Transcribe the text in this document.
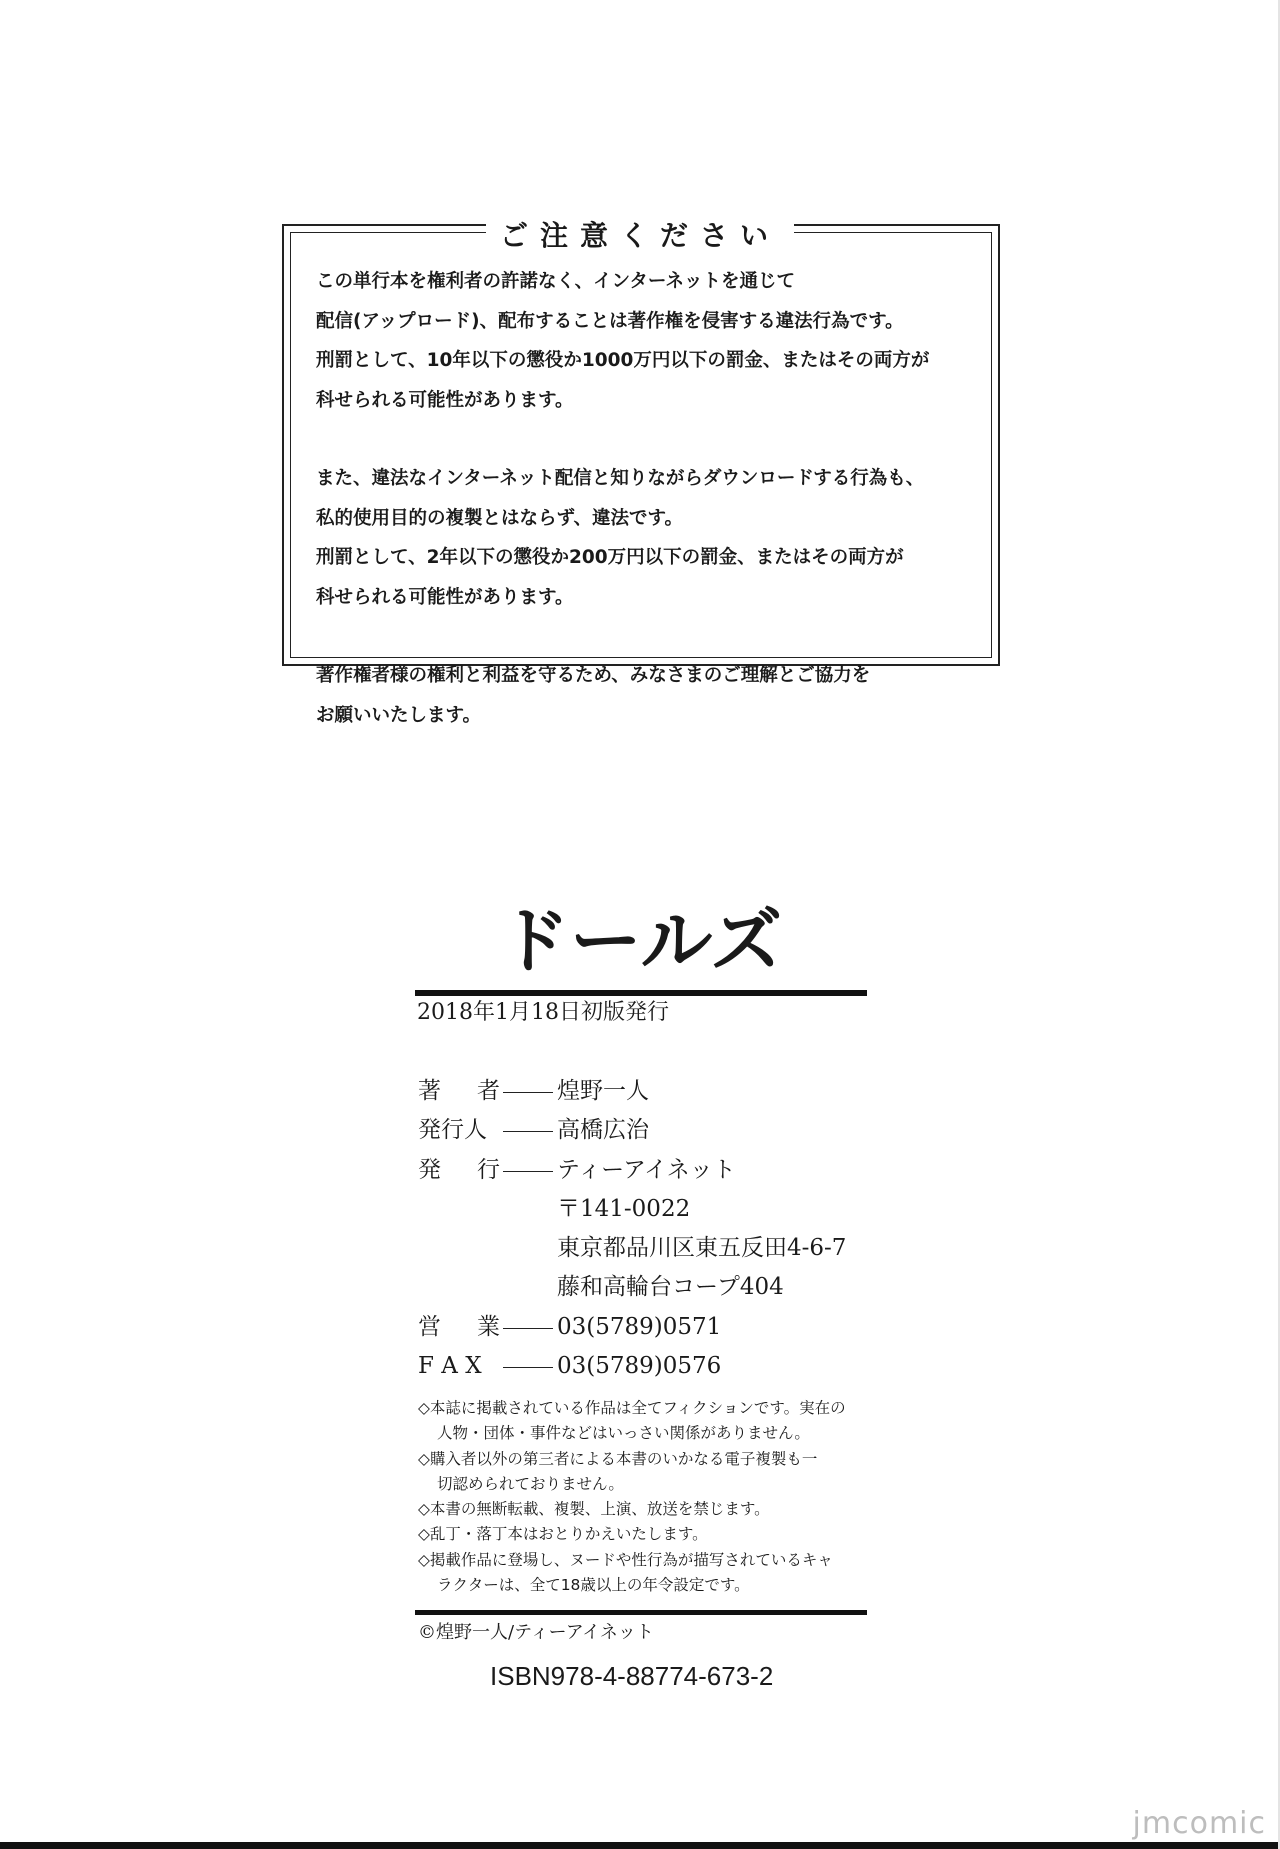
ご注意ください

この単行本を権利者の許諾なく、インターネットを通じて
配信(アップロード)、配布することは著作権を侵害する違法行為です。
刑罰として、10年以下の懲役か1000万円以下の罰金、またはその両方が
科せられる可能性があります。

また、違法なインターネット配信と知りながらダウンロードする行為も、
私的使用目的の複製とはならず、違法です。
刑罰として、2年以下の懲役か200万円以下の罰金、またはその両方が
科せられる可能性があります。

著作権者様の権利と利益を守るため、みなさまのご理解とご協力を
お願いいたします。

ドールズ
2018年1月18日初版発行
著 者 煌野一人
発行人	高橋広治
発 行 ティーアイネット
〒141-0022
東京都品川区東五反田4-6-7
藤和高輪台コープ404
営 業 03(5789)0571
F A X	03(5789)0576
◇本誌に掲載されている作品は全てフィクションです。実在の
人物・団体・事件などはいっさい関係がありません。
◇購入者以外の第三者による本書のいかなる電子複製も一
切認められておりません。
◇本書の無断転載、複製、上演、放送を禁じます。
◇乱丁・落丁本はおとりかえいたします。
◇掲載作品に登場し、ヌードや性行為が描写されているキャ
ラクターは、全て18歳以上の年令設定です。
©煌野一人/ティーアイネット
ISBN978-4-88774-673-2
jmcomic
